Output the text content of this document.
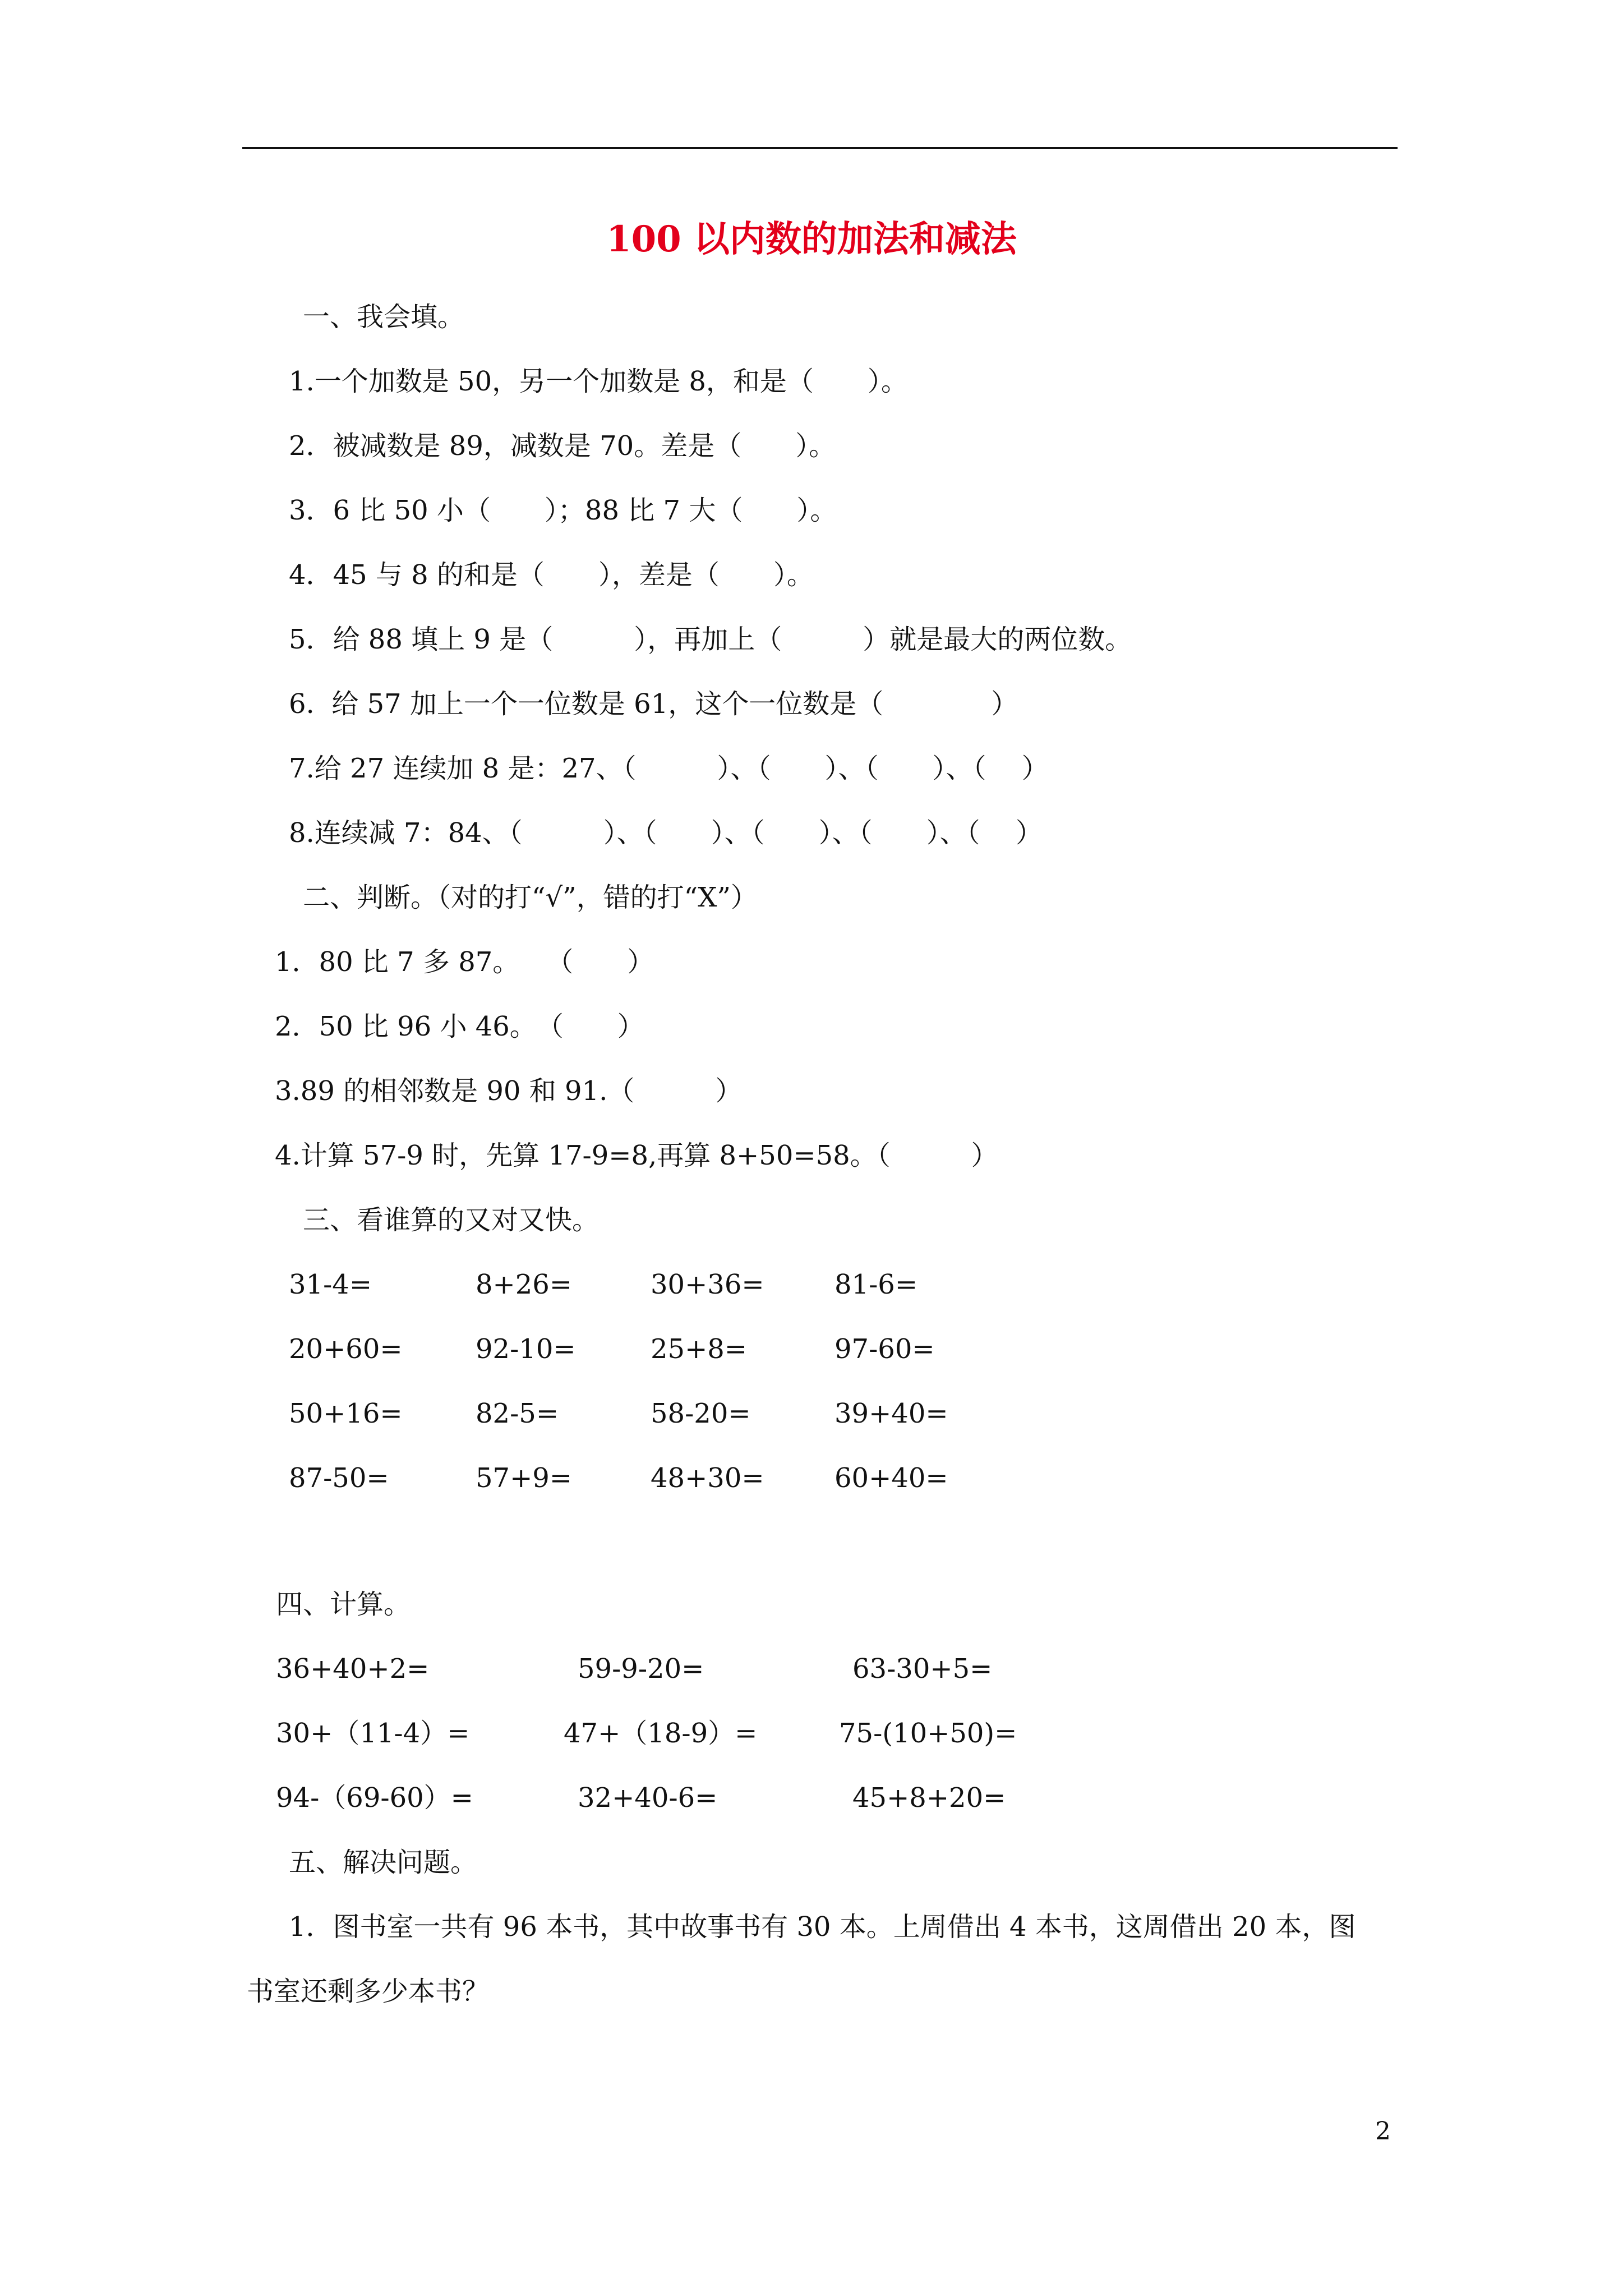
100 以内数的加法和减法
一、我会填。
1.一个加数是 50，另一个加数是 8，和是（　　）。
2．被减数是 89，减数是 70。差是（　　）。
3．6 比 50 小（　　）；88 比 7 大（　　）。
4．45 与 8 的和是（　　），差是（　　）。
5．给 88 填上 9 是（　　　），再加上（　　　）就是最大的两位数。
6.  给 57 加上一个一位数是 61，这个一位数是（　　　　）
7.给 27 连续加 8 是：27、（　　　）、（　　）、（　　）、（　 ）
8.连续减 7：84、（　　　）、（　　）、（　　）、（　　）、（　 ）
二、判断。（对的打“√”，错的打“X”）
1．80 比 7 多 87。　　（　　）
2．50 比 96 小 46。　（　　）
3.89 的相邻数是 90 和 91.（　　　）
4.计算 57-9 时，先算 17-9=8,再算 8+50=58。（　　　）
三、看谁算的又对又快。
31-4=	8+26=	30+36=	81-6=
20+60=	92-10=	25+8=	97-60=
50+16=	82-5=	58-20=	39+40=
87-50=	57+9=	48+30=	60+40=
四、计算。
36+40+2=	59-9-20=	63-30+5=
30+（11-4）=	47+（18-9）=	75-(10+50)=
94-（69-60）=	32+40-6=	45+8+20=
五、解决问题。
1．图书室一共有 96 本书，其中故事书有 30 本。上周借出 4 本书，这周借出 20 本，图
书室还剩多少本书？
2
